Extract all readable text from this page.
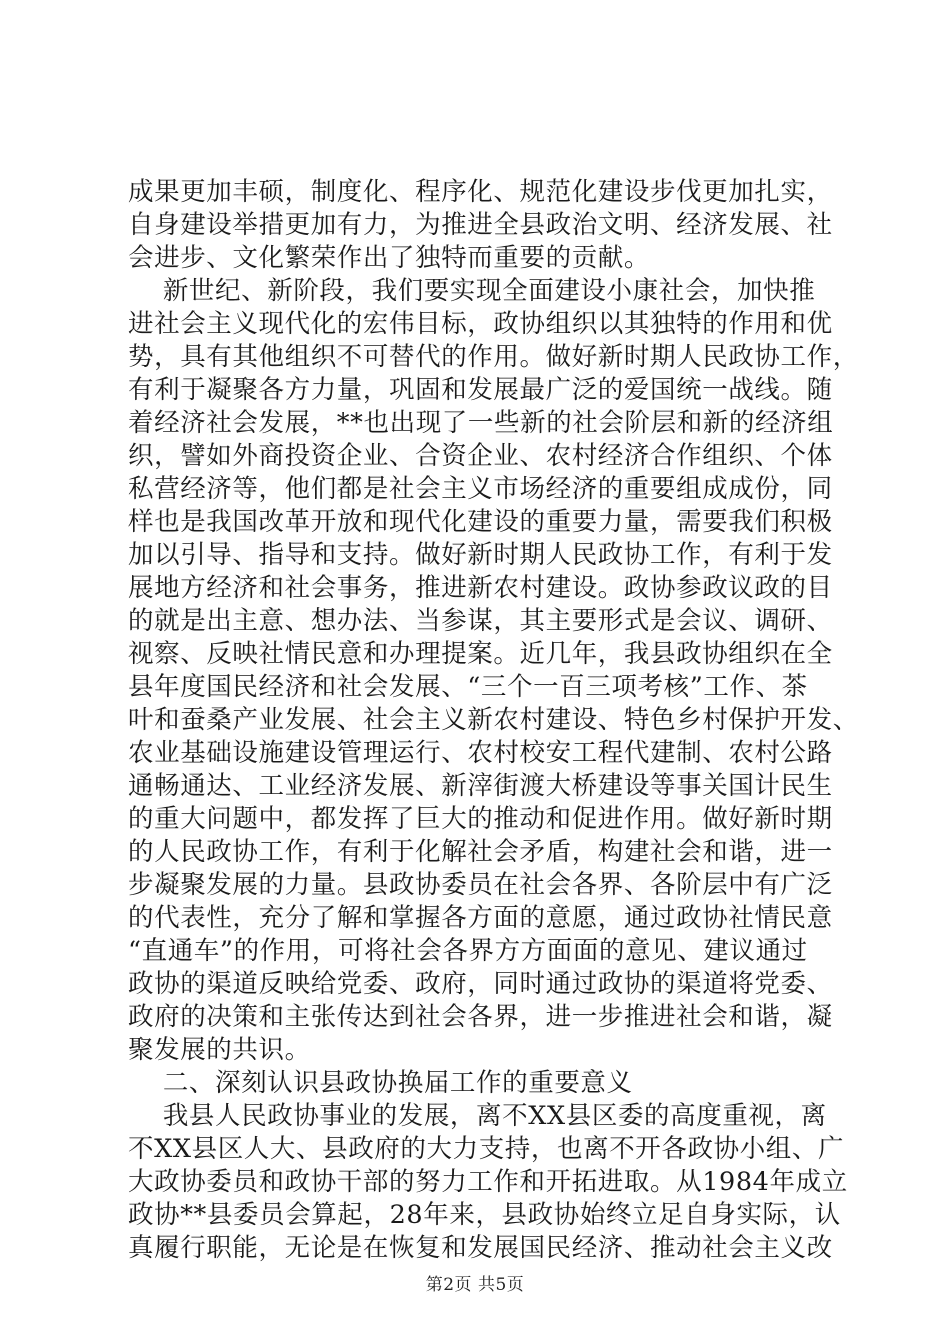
成果更加丰硕，制度化、程序化、规范化建设步伐更加扎实，
自身建设举措更加有力，为推进全县政治文明、经济发展、社
会进步、文化繁荣作出了独特而重要的贡献。
新世纪、新阶段，我们要实现全面建设小康社会，加快推
进社会主义现代化的宏伟目标，政协组织以其独特的作用和优
势，具有其他组织不可替代的作用。做好新时期人民政协工作，
有利于凝聚各方力量，巩固和发展最广泛的爱国统一战线。随
着经济社会发展，**也出现了一些新的社会阶层和新的经济组
织，譬如外商投资企业、合资企业、农村经济合作组织、个体
私营经济等，他们都是社会主义市场经济的重要组成成份，同
样也是我国改革开放和现代化建设的重要力量，需要我们积极
加以引导、指导和支持。做好新时期人民政协工作，有利于发
展地方经济和社会事务，推进新农村建设。政协参政议政的目
的就是出主意、想办法、当参谋，其主要形式是会议、调研、
视察、反映社情民意和办理提案。近几年，我县政协组织在全
县年度国民经济和社会发展、“三个一百三项考核”工作、茶
叶和蚕桑产业发展、社会主义新农村建设、特色乡村保护开发、
农业基础设施建设管理运行、农村校安工程代建制、农村公路
通畅通达、工业经济发展、新滓街渡大桥建设等事关国计民生
的重大问题中，都发挥了巨大的推动和促进作用。做好新时期
的人民政协工作，有利于化解社会矛盾，构建社会和谐，进一
步凝聚发展的力量。县政协委员在社会各界、各阶层中有广泛
的代表性，充分了解和掌握各方面的意愿，通过政协社情民意
“直通车”的作用，可将社会各界方方面面的意见、建议通过
政协的渠道反映给党委、政府，同时通过政协的渠道将党委、
政府的决策和主张传达到社会各界，进一步推进社会和谐，凝
聚发展的共识。
二、深刻认识县政协换届工作的重要意义
我县人民政协事业的发展，离不XX县区委的高度重视，离
不XX县区人大、县政府的大力支持，也离不开各政协小组、广
大政协委员和政协干部的努力工作和开拓进取。从1984年成立
政协**县委员会算起，28年来，县政协始终立足自身实际，认
真履行职能，无论是在恢复和发展国民经济、推动社会主义改
第2页 共5页
